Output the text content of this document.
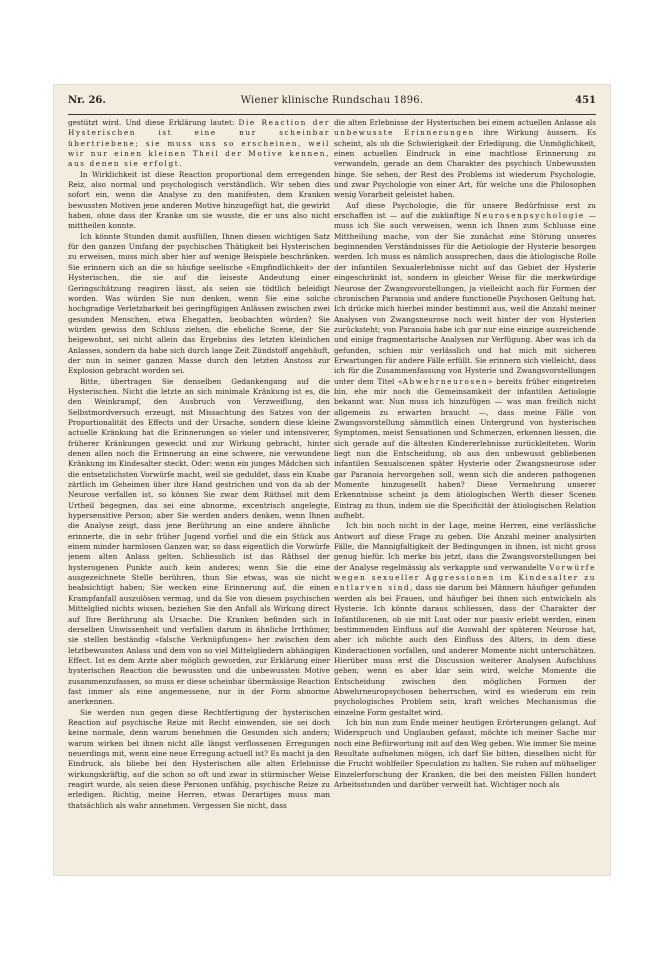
Nr. 26.	Wiener klinische Rundschau 1896.	451

gestützt wird. Und diese Erklärung lautet: Die Reaction der Hysterischen ist eine nur scheinbar übertriebene; sie muss uns so erscheinen, weil wir nur einen kleinen Theil der Motive kennen, aus denen sie erfolgt.

In Wirklichkeit ist diese Reaction proportional dem erregenden Reiz, also normal und psychologisch verständlich. Wir sehen dies sofort ein, wenn die Analyse zu den manifesten, dem Kranken bewussten Motiven jene anderen Motive hinzugefügt hat, die gewirkt haben, ohne dass der Kranke um sie wusste, die er uns also nicht mittheilen konnte.

Ich könnte Stunden damit ausfüllen, Ihnen diesen wichtigen Satz für den ganzen Umfang der psychischen Thätigkeit bei Hysterischen zu erweisen, muss mich aber hier auf wenige Beispiele beschränken. Sie erinnern sich an die so häufige seelische «Empfindlichkeit» der Hysterischen, die sie auf die leiseste Andeutung einer Geringschätzung reagiren lässt, als seien sie tödtlich beleidigt worden. Was würden Sie nun denken, wenn Sie eine solche hochgradige Verletzbarkeit bei geringfügigen Anlässen zwischen zwei gesunden Menschen, etwa Ehegatten, beobachten würden? Sie würden gewiss den Schluss ziehen, die eheliche Scene, der Sie beigewohnt, sei nicht allein das Ergebniss des letzten kleinlichen Anlasses, sondern da habe sich durch lange Zeit Zündstoff angehäuft, der nun in seiner ganzen Masse durch den letzten Anstoss zur Explosion gebracht worden sei.

Bitte, übertragen Sie denselben Gedankengang auf die Hysterischen. Nicht die letzte an sich minimale Kränkung ist es, die den Weinkrampf, den Ausbruch von Verzweiflung, den Selbstmordversuch erzeugt, mit Missachtung des Satzes von der Proportionalität des Effects und der Ursache, sondern diese kleine actuelle Kränkung hat die Erinnerungen so vieler und intensiverer, früherer Kränkungen geweckt und zur Wirkung gebracht, hinter denen allen noch die Erinnerung an eine schwere, nie verwundene Kränkung im Kindesalter steckt. Oder: wenn ein junges Mädchen sich die entsetzlichsten Vorwürfe macht, weil sie geduldet, dass ein Knabe zärtlich im Geheimen über ihre Hand gestrichen und von da ab der Neurose verfallen ist, so können Sie zwar dem Räthsel mit dem Urtheil begegnen, das sei eine abnorme, excentrisch angelegte, hypersensitive Person; aber Sie werden anders denken, wenn Ihnen die Analyse zeigt, dass jene Berührung an eine andere ähnliche erinnerte, die in sehr früher Jugend vorfiel und die ein Stück aus einem minder harmlosen Ganzen war, so dass eigentlich die Vorwürfe jenem alten Anlass gelten. Schliesslich ist das Räthsel der hysterogenen Punkte auch kein anderes; wenn Sie die eine ausgezeichnete Stelle berühren, thun Sie etwas, was sie nicht beabsichtigt haben; Sie wecken eine Erinnerung auf, die einen Krampfanfall auszulösen vermag, und da Sie von diesem psychischen Mittelglied nichts wissen, beziehen Sie den Anfall als Wirkung direct auf Ihre Berührung als Ursache. Die Kranken befinden sich in derselben Unwissenheit und verfallen darum in ähnliche Irrthümer, sie stellen beständig «falsche Verknüpfungen» her zwischen dem letztbewussten Anlass und dem von so viel Mittelgliedern abhängigen Effect. Ist es dem Arzte aber möglich geworden, zur Erklärung einer hysterischen Reaction die bewussten und die unbewussten Motive zusammenzufassen, so muss er diese scheinbar übermässige Reaction fast immer als eine angemessene, nur in der Form abnorme anerkennen.

Sie werden nun gegen diese Rechtfertigung der hysterischen Reaction auf psychische Reize mit Recht einwenden, sie sei doch keine normale, denn warum benehmen die Gesunden sich anders; warum wirken bei ihnen nicht alle längst verflossenen Erregungen neuerdings mit, wenn eine neue Erregung actuell ist? Es macht ja den Eindruck, als bliebe bei den Hysterischen alle alten Erlebnisse wirkungskräftig, auf die schon so oft und zwar in stürmischer Weise reagirt wurde, als seien diese Personen unfähig, psychische Reize zu erledigen. Richtig, meine Herren, etwas Derartiges muss man thatsächlich als wahr annehmen. Vergessen Sie nicht, dass

die alten Erlebnisse der Hysterischen bei einem actuellen Anlasse als unbewusste Erinnerungen ihre Wirkung äussern. Es scheint, als ob die Schwierigkeit der Erledigung, die Unmöglichkeit, einen actuellen Eindruck in eine machtlose Erinnerung zu verwandeln, gerade an dem Charakter des psychisch Unbewussten hinge. Sie sehen, der Rest des Problems ist wiederum Psychologie, und zwar Psychologie von einer Art, für welche uns die Philosophen wenig Vorarbeit geleistet haben.

Auf diese Psychologie, die für unsere Bedürfnisse erst zu erschaffen ist — auf die zukünftige Neurosenpsychologie — muss ich Sie auch verweisen, wenn ich Ihnen zum Schlusse eine Mittheilung mache, von der Sie zunächst eine Störung unseres beginnenden Verständnisses für die Aetiologie der Hysterie besorgen werden. Ich muss es nämlich aussprechen, dass die ätiologische Rolle der infantilen Sexualerlebnisse nicht auf das Gebiet der Hysterie eingeschränkt ist, sondern in gleicher Weise für die merkwürdige Neurose der Zwangsvorstellungen, ja vielleicht auch für Formen der chronischen Paranoia und andere functionelle Psychosen Geltung hat. Ich drücke mich hierbei minder bestimmt aus, weil die Anzahl meiner Analysen von Zwangsneurose noch weit hinter der von Hysterien zurücksteht; von Paranoia habe ich gar nur eine einzige ausreichende und einige fragmentarische Analysen zur Verfügung. Aber was ich da gefunden, schien mir verlässlich und hat mich mit sicheren Erwartungen für andere Fälle erfüllt. Sie erinnern sich vielleicht, dass ich für die Zusammenfassung von Hysterie und Zwangsvorstellungen unter dem Titel «Abwehrneurosen» bereits früher eingetreten bin, ehe mir noch die Gemeinsamkeit der infantilen Aetiologie bekannt war. Nun muss ich hinzufügen — was man freilich nicht allgemein zu erwarten braucht —, dass meine Fälle von Zwangsvorstellung sämmtlich einen Untergrund von hysterischen Symptomen, meist Sensationen und Schmerzen, erkennen liessen, die sich gerade auf die ältesten Kindererlebnisse zurückleiteten. Worin liegt nun die Entscheidung, ob aus den unbewusst gebliebenen infantilen Sexualscenen später Hysterie oder Zwangsneurose oder gar Paranoia hervorgehen soll, wenn sich die anderen pathogenen Momente hinzugesellt haben? Diese Vermehrung unserer Erkenntnisse scheint ja dem ätiologischen Werth dieser Scenen Eintrag zu thun, indem sie die Specificität der ätiologischen Relation aufhebt.

Ich bin noch nicht in der Lage, meine Herren, eine verlässliche Antwort auf diese Frage zu geben. Die Anzahl meiner analysirten Fälle, die Mannigfaltigkeit der Bedingungen in ihnen, ist nicht gross genug hiefür. Ich merke bis jetzt, dass die Zwangsvorstellungen bei der Analyse regelmässig als verkappte und verwandelte Vorwürfe wegen sexueller Aggressionen im Kindesalter zu entlarven sind, dass sie darum bei Männern häufiger gefunden werden als bei Frauen, und häufiger bei ihnen sich entwickeln als Hysterie. Ich könnte daraus schliessen, dass der Charakter der Infantilscenen, ob sie mit Lust oder nur passiv erlebt werden, einen bestimmenden Einfluss auf die Auswahl der späteren Neurose hat, aber ich möchte auch den Einfluss des Alters, in dem diese Kinderactionen vorfallen, und anderer Momente nicht unterschätzen. Hierüber muss erst die Discussion weiterer Analysen Aufschluss geben; wenn es aber klar sein wird, welche Momente die Entscheidung zwischen den möglichen Formen der Abwehrneuropsychosen beherrschen, wird es wiederum ein rein psychologisches Problem sein, kraft welches Mechanismus die einzelne Form gestaltet wird.

Ich bin nun zum Ende meiner heutigen Erörterungen gelangt. Auf Widerspruch und Unglauben gefasst, möchte ich meiner Sache nur noch eine Befürwortung mit auf den Weg geben. Wie immer Sie meine Resultate aufnehmen mögen, ich darf Sie bitten, dieselben nicht für die Frucht wohlfeiler Speculation zu halten. Sie ruhen auf mühseliger Einzelerforschung der Kranken, die bei den meisten Fällen hundert Arbeitsstunden und darüber verweilt hat. Wichtiger noch als
